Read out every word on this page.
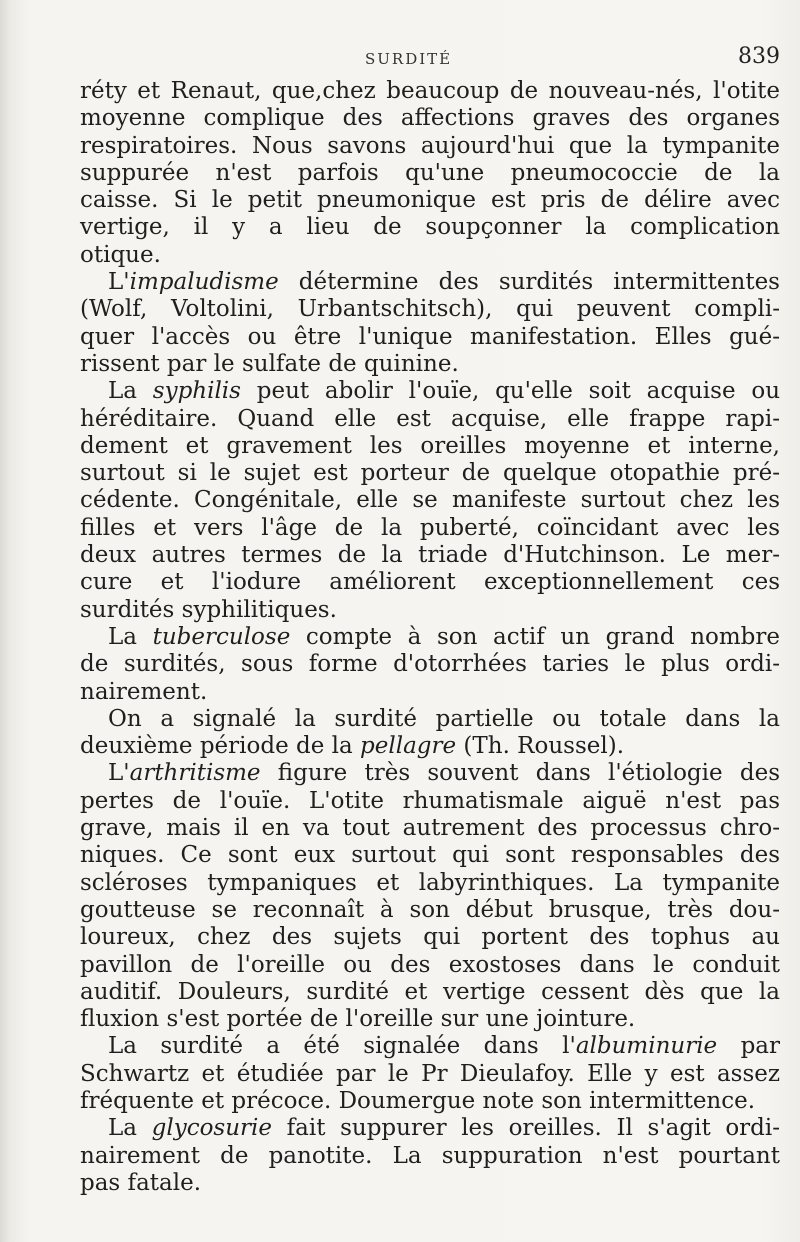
SURDITÉ	839
réty et Renaut, que,chez beaucoup de nouveau-nés, l'otite
moyenne complique des affections graves des organes
respiratoires. Nous savons aujourd'hui que la tympanite
suppurée n'est parfois qu'une pneumococcie de la
caisse. Si le petit pneumonique est pris de délire avec
vertige, il y a lieu de soupçonner la complication
otique.
L'impaludisme détermine des surdités intermittentes
(Wolf, Voltolini, Urbantschitsch), qui peuvent compli-
quer l'accès ou être l'unique manifestation. Elles gué-
rissent par le sulfate de quinine.
La syphilis peut abolir l'ouïe, qu'elle soit acquise ou
héréditaire. Quand elle est acquise, elle frappe rapi-
dement et gravement les oreilles moyenne et interne,
surtout si le sujet est porteur de quelque otopathie pré-
cédente. Congénitale, elle se manifeste surtout chez les
filles et vers l'âge de la puberté, coïncidant avec les
deux autres termes de la triade d'Hutchinson. Le mer-
cure et l'iodure améliorent exceptionnellement ces
surdités syphilitiques.
La tuberculose compte à son actif un grand nombre
de surdités, sous forme d'otorrhées taries le plus ordi-
nairement.
On a signalé la surdité partielle ou totale dans la
deuxième période de la pellagre (Th. Roussel).
L'arthritisme figure très souvent dans l'étiologie des
pertes de l'ouïe. L'otite rhumatismale aiguë n'est pas
grave, mais il en va tout autrement des processus chro-
niques. Ce sont eux surtout qui sont responsables des
scléroses tympaniques et labyrinthiques. La tympanite
goutteuse se reconnaît à son début brusque, très dou-
loureux, chez des sujets qui portent des tophus au
pavillon de l'oreille ou des exostoses dans le conduit
auditif. Douleurs, surdité et vertige cessent dès que la
fluxion s'est portée de l'oreille sur une jointure.
La surdité a été signalée dans l'albuminurie par
Schwartz et étudiée par le Pr Dieulafoy. Elle y est assez
fréquente et précoce. Doumergue note son intermittence.
La glycosurie fait suppurer les oreilles. Il s'agit ordi-
nairement de panotite. La suppuration n'est pourtant
pas fatale.
